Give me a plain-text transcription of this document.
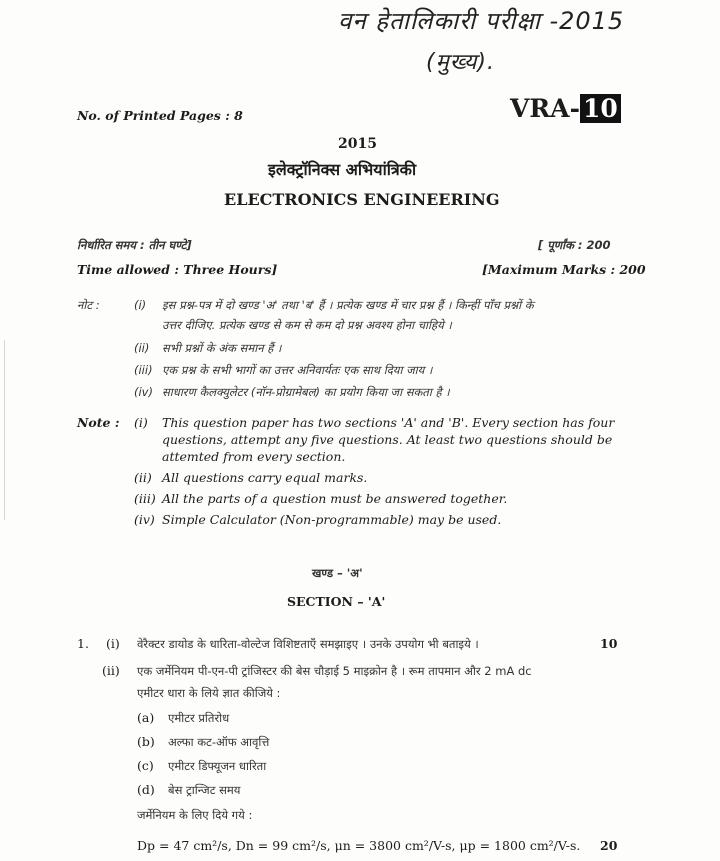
वन हेतालिकारी परीक्षा -2015
(मुख्य).
No. of Printed Pages : 8	VRA- 10
2015
इलेक्ट्रॉनिक्स अभियांत्रिकी
ELECTRONICS ENGINEERING
निर्धारित समय : तीन घण्टे]	[ पूर्णांक : 200
Time allowed : Three Hours]	[Maximum Marks : 200
नोट :	(i) इस प्रश्न-पत्र में दो खण्ड 'अ' तथा 'ब' हैं । प्रत्येक खण्ड में चार प्रश्न हैं । किन्हीं पाँच प्रश्नों के
उत्तर दीजिए. प्रत्येक खण्ड से कम से कम दो प्रश्न अवश्य होना चाहिये ।
(ii) सभी प्रश्नों के अंक समान हैं ।
(iii) एक प्रश्न के सभी भागों का उत्तर अनिवार्यतः एक साथ दिया जाय ।
(iv) साधारण कैलक्युलेटर (नॉन-प्रोग्रामेबल) का प्रयोग किया जा सकता है ।
Note : (i) This question paper has two sections 'A' and 'B'. Every section has four
questions, attempt any five questions. At least two questions should be
attemted from every section.
(ii) All questions carry equal marks.
(iii) All the parts of a question must be answered together.
(iv) Simple Calculator (Non-programmable) may be used.
खण्ड – 'अ'
SECTION – 'A'
1. (i) वेरैक्टर डायोड के धारिता-वोल्टेज विशिष्टताएँ समझाइए । उनके उपयोग भी बताइये ।	10
(ii) एक जर्मेनियम पी-एन-पी ट्रांजिस्टर की बेस चौड़ाई 5 माइक्रोन है । रूम तापमान और 2 mA dc
एमीटर धारा के लिये ज्ञात कीजिये :
(a) एमीटर प्रतिरोध
(b) अल्फा कट-ऑफ आवृत्ति
(c) एमीटर डिफ्यूजन धारिता
(d) बेस ट्रान्जिट समय
जर्मेनियम के लिए दिये गये :
Dp = 47 cm²/s, Dn = 99 cm²/s, μn = 3800 cm²/V-s, μp = 1800 cm²/V-s. 20
